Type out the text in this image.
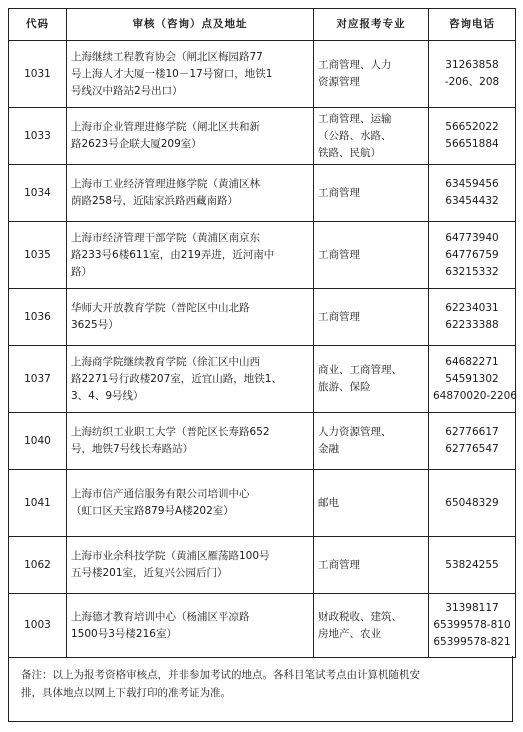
代码	审核（咨询）点及地址	对应报考专业	咨询电话
1031	上海继续工程教育协会（闸北区梅园路77
号上海人才大厦一楼10－17号窗口，地铁1
号线汉中路站2号出口）	工商管理、人力
资源管理	31263858
-206、208

1033	上海市企业管理进修学院（闸北区共和新
路2623号企联大厦209室）	工商管理、运输
（公路、水路、
铁路、民航）	56652022
56651884

1034	上海市工业经济管理进修学院（黄浦区林
荫路258号，近陆家浜路西藏南路）	工商管理	63459456
63454432

1035	上海市经济管理干部学院（黄浦区南京东
路233号6楼611室，由219弄进，近河南中
路）	工商管理	64773940
64776759
63215332

1036	华师大开放教育学院（普陀区中山北路
3625号）	工商管理	62234031
62233388

1037	上海商学院继续教育学院（徐汇区中山西
路2271号行政楼207室，近宜山路，地铁1、
3、4、9号线）	商业、工商管理、
旅游、保险	64682271
54591302
64870020-2206

1040	上海纺织工业职工大学（普陀区长寿路652
号，地铁7号线长寿路站）	人力资源管理、
金融	62776617
62776547

1041	上海市信产通信服务有限公司培训中心
（虹口区天宝路879号A楼202室）	邮电	65048329

1062	上海市业余科技学院（黄浦区雁荡路100号
五号楼201室，近复兴公园后门）	工商管理	53824255

1003	上海德才教育培训中心（杨浦区平凉路
1500号3号楼216室）	财政税收、建筑、
房地产、农业	31398117
65399578-810
65399578-821
备注：以上为报考资格审核点，并非参加考试的地点。各科目笔试考点由计算机随机安
排，具体地点以网上下载打印的准考证为准。
